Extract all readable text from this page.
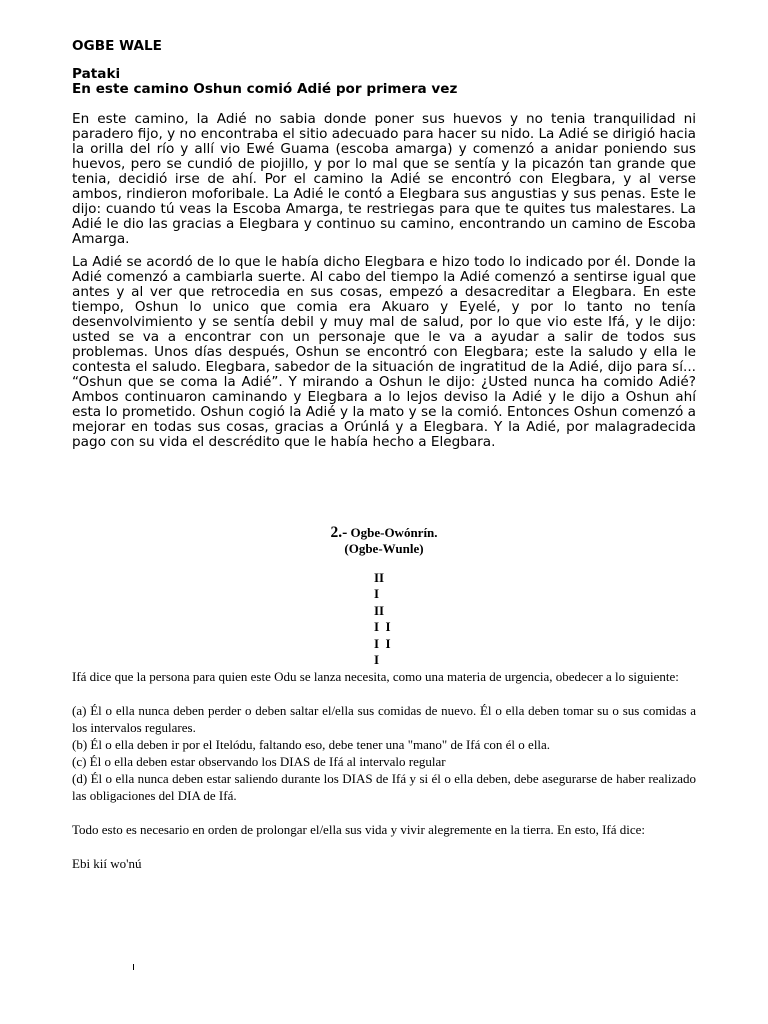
OGBE WALE
Pataki
En este camino Oshun comió Adié por primera vez

En este camino, la Adié no sabia donde poner sus huevos y no tenia tranquilidad ni paradero fijo, y no encontraba el sitio adecuado para hacer su nido. La Adié se dirigió hacia la orilla del río y allí vio Ewé Guama (escoba amarga) y comenzó a anidar poniendo sus huevos, pero se cundió de piojillo, y por lo mal que se sentía y la picazón tan grande que tenia, decidió irse de ahí. Por el camino la Adié se encontró con Elegbara, y al verse ambos, rindieron moforibale. La Adié le contó a Elegbara sus angustias y sus penas. Este le dijo: cuando tú veas la Escoba Amarga, te restriegas para que te quites tus malestares. La Adié le dio las gracias a Elegbara y continuo su camino, encontrando un camino de Escoba Amarga.

La Adié se acordó de lo que le había dicho Elegbara e hizo todo lo indicado por él. Donde la Adié comenzó a cambiarla suerte. Al cabo del tiempo la Adié comenzó a sentirse igual que antes y al ver que retrocedia en sus cosas, empezó a desacreditar a Elegbara. En este tiempo, Oshun lo unico que comia era Akuaro y Eyelé, y por lo tanto no tenía desenvolvimiento y se sentía debil y muy mal de salud, por lo que vio este Ifá, y le dijo: usted se va a encontrar con un personaje que le va a ayudar a salir de todos sus problemas. Unos días después, Oshun se encontró con Elegbara; este la saludo y ella le contesta el saludo. Elegbara, sabedor de la situación de ingratitud de la Adié, dijo para sí... “Oshun que se coma la Adié”. Y mirando a Oshun le dijo: ¿Usted nunca ha comido Adié? Ambos continuaron caminando y Elegbara a lo lejos deviso la Adié y le dijo a Oshun ahí esta lo prometido. Oshun cogió la Adié y la mato y se la comió. Entonces Oshun comenzó a mejorar en todas sus cosas, gracias a Orúnlá y a Elegbara. Y la Adié, por malagradecida pago con su vida el descrédito que le había hecho a Elegbara.

2.- Ogbe-Owónrín.
(Ogbe-Wunle)
II
I
II
I  I
I  I
I

Ifá dice que la persona para quien este Odu se lanza necesita, como una materia de urgencia, obedecer a lo siguiente:

(a) Él o ella nunca deben perder o deben saltar el/ella sus comidas de nuevo. Él o ella deben tomar su o sus comidas a los intervalos regulares.

(b) Él o ella deben ir por el Itelódu, faltando eso, debe tener una "mano" de Ifá con él o ella.

(c) Él o ella deben estar observando los DIAS de Ifá al intervalo regular

(d) Él o ella nunca deben estar saliendo durante los DIAS de Ifá y si él o ella deben, debe asegurarse de haber realizado las obligaciones del DIA de Ifá.

Todo esto es necesario en orden de prolongar el/ella sus vida y vivir alegremente en la tierra. En esto, Ifá dice:

Ebi kií wo'nú
